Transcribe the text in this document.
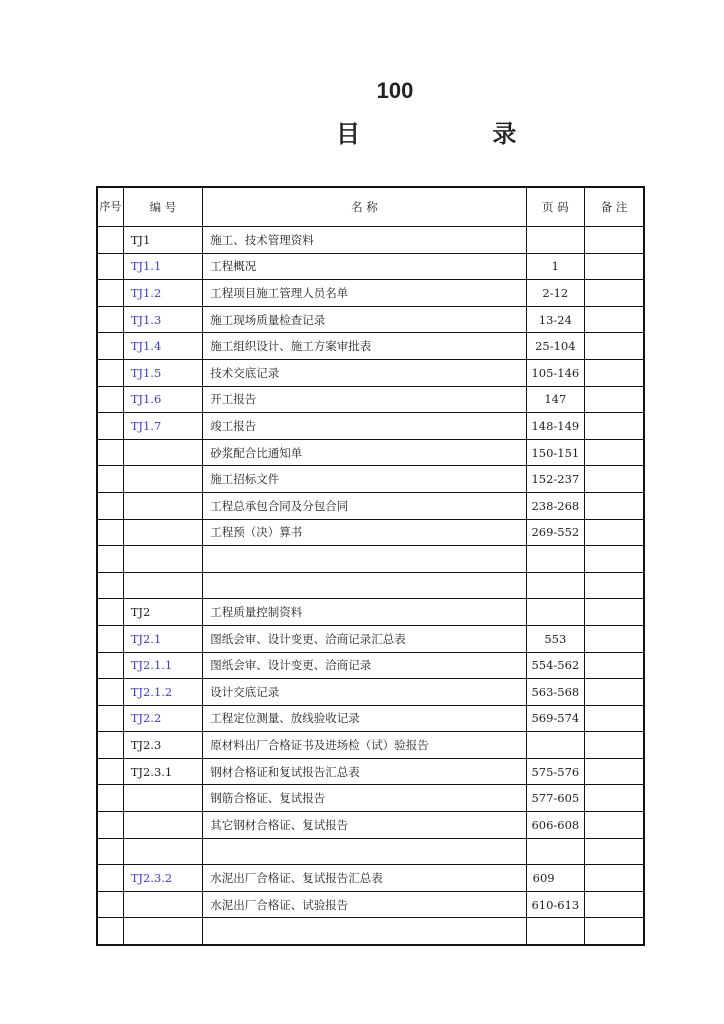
100
目 录
序号	编 号	名 称	页 码	备 注
	TJ1	施工、技术管理资料		
	TJ1.1	工程概况	1	
	TJ1.2	工程项目施工管理人员名单	2-12	
	TJ1.3	施工现场质量检查记录	13-24	
	TJ1.4	施工组织设计、施工方案审批表	25-104	
	TJ1.5	技术交底记录	105-146	
	TJ1.6	开工报告	147	
	TJ1.7	竣工报告	148-149	
		砂浆配合比通知单	150-151	
		施工招标文件	152-237	
		工程总承包合同及分包合同	238-268	
		工程预（决）算书	269-552	

	TJ2	工程质量控制资料		
	TJ2.1	图纸会审、设计变更、洽商记录汇总表	553	
	TJ2.1.1	图纸会审、设计变更、洽商记录	554-562	
	TJ2.1.2	设计交底记录	563-568	
	TJ2.2	工程定位测量、放线验收记录	569-574	
	TJ2.3	原材料出厂合格证书及进场检（试）验报告		
	TJ2.3.1	钢材合格证和复试报告汇总表	575-576	
		钢筋合格证、复试报告	577-605	
		其它钢材合格证、复试报告	606-608	

	TJ2.3.2	水泥出厂合格证、复试报告汇总表	609	
		水泥出厂合格证、试验报告	610-613	
